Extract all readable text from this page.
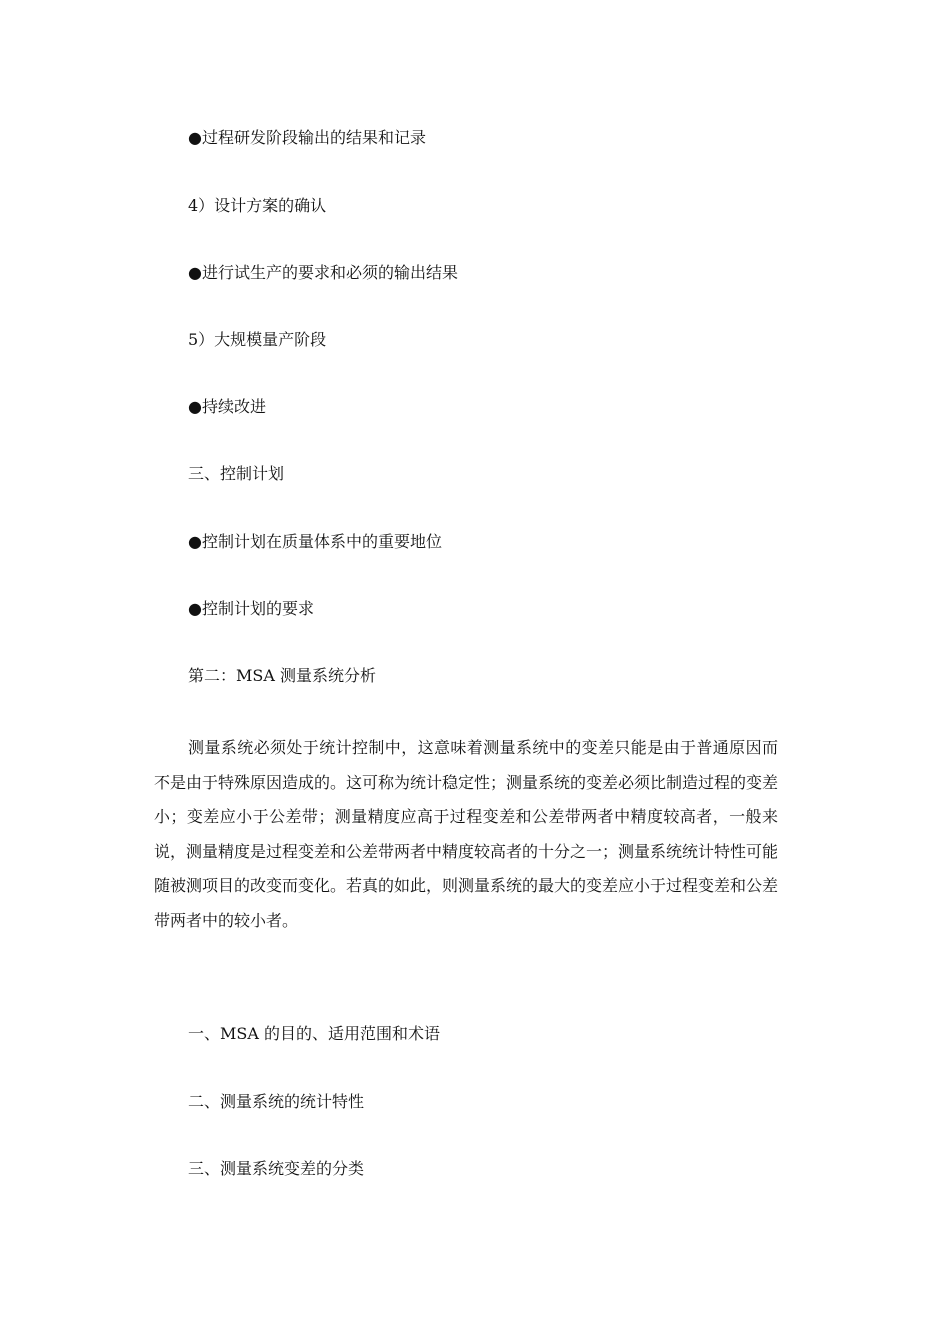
●过程研发阶段输出的结果和记录
4）设计方案的确认
●进行试生产的要求和必须的输出结果
5）大规模量产阶段
●持续改进
三、控制计划
●控制计划在质量体系中的重要地位
●控制计划的要求
第二：MSA 测量系统分析

测量系统必须处于统计控制中，这意味着测量系统中的变差只能是由于普通原因而不是由于特殊原因造成的。这可称为统计稳定性；测量系统的变差必须比制造过程的变差小；变差应小于公差带；测量精度应高于过程变差和公差带两者中精度较高者，一般来说，测量精度是过程变差和公差带两者中精度较高者的十分之一；测量系统统计特性可能随被测项目的改变而变化。若真的如此，则测量系统的最大的变差应小于过程变差和公差带两者中的较小者。

一、MSA 的目的、适用范围和术语
二、测量系统的统计特性
三、测量系统变差的分类
